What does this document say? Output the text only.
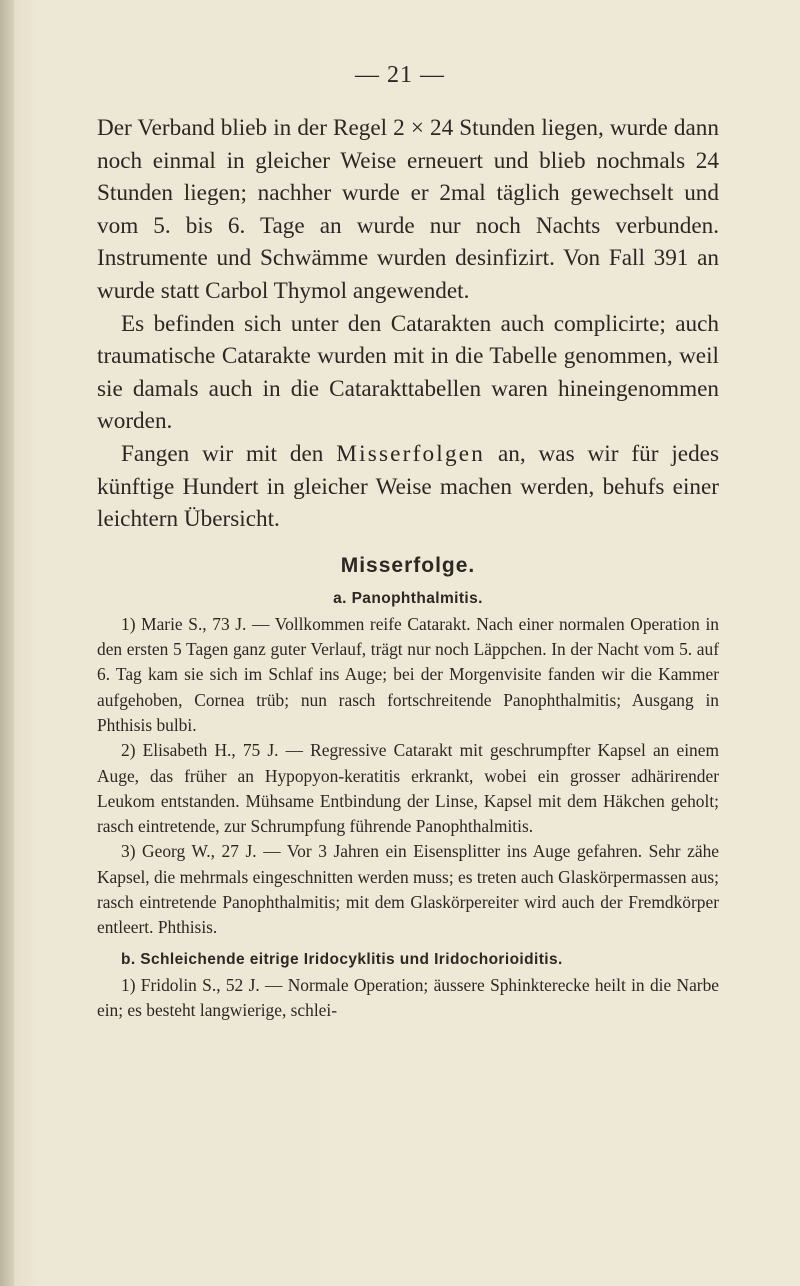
— 21 —

Der Verband blieb in der Regel 2 × 24 Stunden liegen, wurde dann noch einmal in gleicher Weise erneuert und blieb nochmals 24 Stunden liegen; nachher wurde er 2mal täglich gewechselt und vom 5. bis 6. Tage an wurde nur noch Nachts verbunden. Instrumente und Schwämme wurden desinfizirt. Von Fall 391 an wurde statt Carbol Thymol angewendet.

Es befinden sich unter den Catarakten auch complicirte; auch traumatische Catarakte wurden mit in die Tabelle genommen, weil sie damals auch in die Catarakttabellen waren hineingenommen worden.

Fangen wir mit den Misserfolgen an, was wir für jedes künftige Hundert in gleicher Weise machen werden, behufs einer leichtern Übersicht.

Misserfolge.
a. Panophthalmitis.

1) Marie S., 73 J. — Vollkommen reife Catarakt. Nach einer normalen Operation in den ersten 5 Tagen ganz guter Verlauf, trägt nur noch Läppchen. In der Nacht vom 5. auf 6. Tag kam sie sich im Schlaf ins Auge; bei der Morgenvisite fanden wir die Kammer aufgehoben, Cornea trüb; nun rasch fortschreitende Panophthalmitis; Ausgang in Phthisis bulbi.

2) Elisabeth H., 75 J. — Regressive Catarakt mit geschrumpfter Kapsel an einem Auge, das früher an Hypopyon-keratitis erkrankt, wobei ein grosser adhärirender Leukom entstanden. Mühsame Entbindung der Linse, Kapsel mit dem Häkchen geholt; rasch eintretende, zur Schrumpfung führende Panophthalmitis.

3) Georg W., 27 J. — Vor 3 Jahren ein Eisensplitter ins Auge gefahren. Sehr zähe Kapsel, die mehrmals eingeschnitten werden muss; es treten auch Glaskörpermassen aus; rasch eintretende Panophthalmitis; mit dem Glaskörpereiter wird auch der Fremdkörper entleert. Phthisis.

b. Schleichende eitrige Iridocyklitis und Iridochorioiditis.

1) Fridolin S., 52 J. — Normale Operation; äussere Sphinkterecke heilt in die Narbe ein; es besteht langwierige, schlei-
